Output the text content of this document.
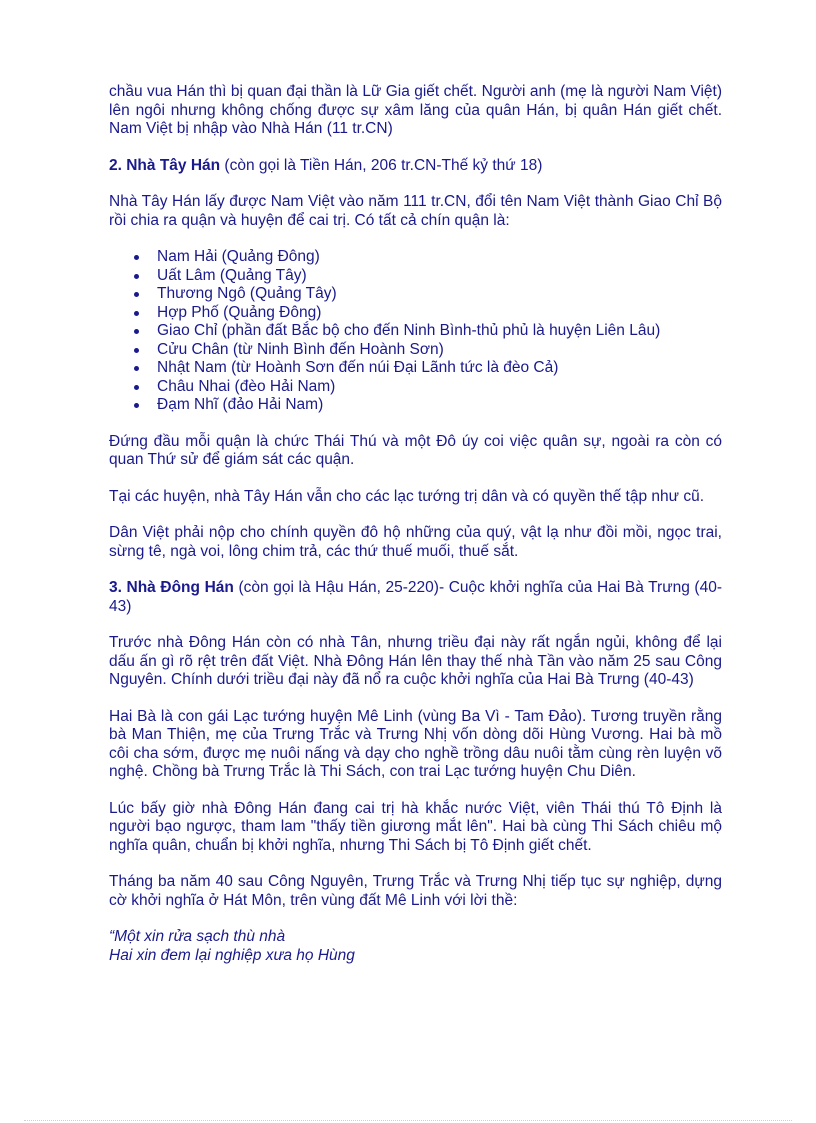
chầu vua Hán thì bị quan đại thần là Lữ Gia giết chết. Người anh (mẹ là người Nam Việt) lên ngôi nhưng không chống được sự xâm lăng của quân Hán, bị quân Hán giết chết. Nam Việt bị nhập vào Nhà Hán (11 tr.CN)

2. Nhà Tây Hán (còn gọi là Tiền Hán, 206 tr.CN-Thế kỷ thứ 18)

Nhà Tây Hán lấy được Nam Việt vào năm 111 tr.CN, đổi tên Nam Việt thành Giao Chỉ Bộ rồi chia ra quận và huyện để cai trị. Có tất cả chín quận là:

Nam Hải (Quảng Đông)
Uất Lâm (Quảng Tây)
Thương Ngô (Quảng Tây)
Hợp Phố (Quảng Đông)
Giao Chỉ (phần đất Bắc bộ cho đến Ninh Bình-thủ phủ là huyện Liên Lâu)
Cửu Chân (từ Ninh Bình đến Hoành Sơn)
Nhật Nam (từ Hoành Sơn đến núi Đại Lãnh tức là đèo Cả)
Châu Nhai (đèo Hải Nam)
Đạm Nhĩ (đảo Hải Nam)

Đứng đầu mỗi quận là chức Thái Thú và một Đô úy coi việc quân sự, ngoài ra còn có quan Thứ sử để giám sát các quận.

Tại các huyện, nhà Tây Hán vẫn cho các lạc tướng trị dân và có quyền thế tập như cũ.

Dân Việt phải nộp cho chính quyền đô hộ những của quý, vật lạ như đồi mồi, ngọc trai, sừng tê, ngà voi, lông chim trả, các thứ thuế muối, thuế sắt.

3. Nhà Đông Hán (còn gọi là Hậu Hán, 25-220)- Cuộc khởi nghĩa của Hai Bà Trưng (40-43)

Trước nhà Đông Hán còn có nhà Tân, nhưng triều đại này rất ngắn ngủi, không để lại dấu ấn gì rõ rệt trên đất Việt. Nhà Đông Hán lên thay thế nhà Tần vào năm 25 sau Công Nguyên. Chính dưới triều đại này đã nổ ra cuộc khởi nghĩa của Hai Bà Trưng (40-43)

Hai Bà là con gái Lạc tướng huyện Mê Linh (vùng Ba Vì - Tam Đảo). Tương truyền rằng bà Man Thiện, mẹ của Trưng Trắc và Trưng Nhị vốn dòng dõi Hùng Vương. Hai bà mồ côi cha sớm, được mẹ nuôi nấng và dạy cho nghề trồng dâu nuôi tằm cùng rèn luyện võ nghệ. Chồng bà Trưng Trắc là Thi Sách, con trai Lạc tướng huyện Chu Diên.

Lúc bấy giờ nhà Đông Hán đang cai trị hà khắc nước Việt, viên Thái thú Tô Định là người bạo ngược, tham lam "thấy tiền giương mắt lên". Hai bà cùng Thi Sách chiêu mộ nghĩa quân, chuẩn bị khởi nghĩa, nhưng Thi Sách bị Tô Định giết chết.

Tháng ba năm 40 sau Công Nguyên, Trưng Trắc và Trưng Nhị tiếp tục sự nghiệp, dựng cờ khởi nghĩa ở Hát Môn, trên vùng đất Mê Linh với lời thề:

“Một xin rửa sạch thù nhà

Hai xin đem lại nghiệp xưa họ Hùng
